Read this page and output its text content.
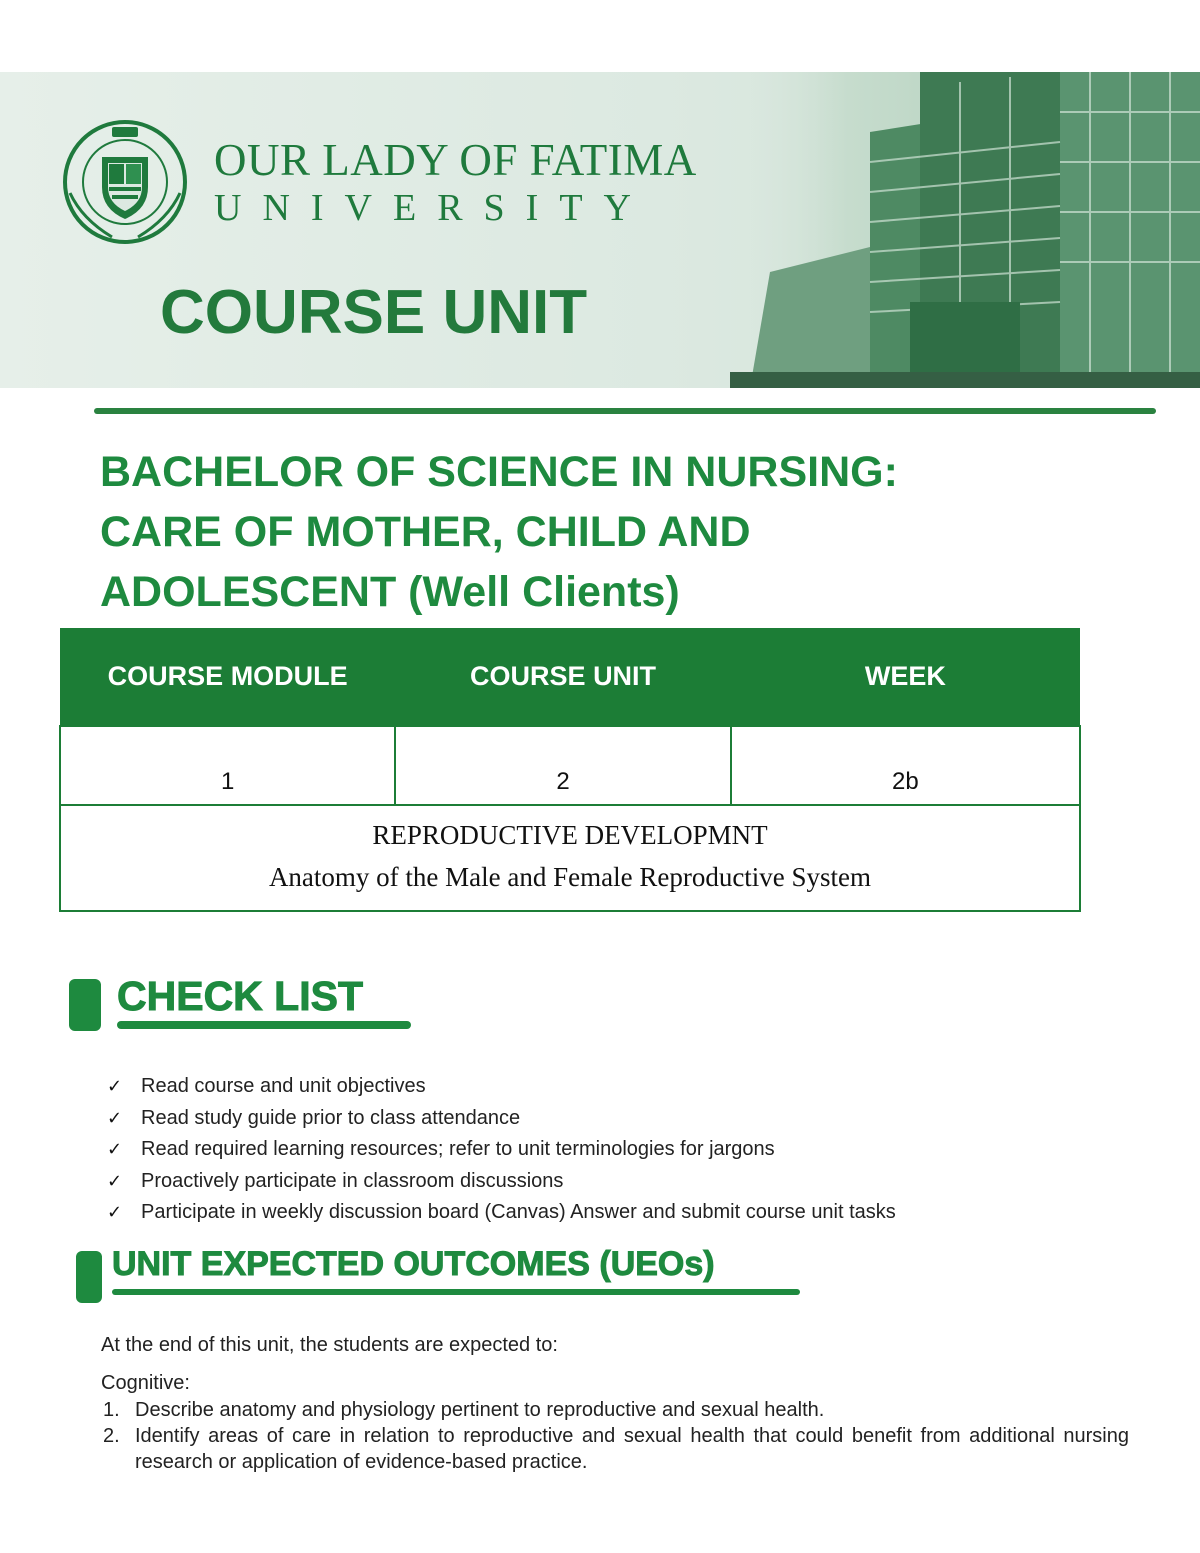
OUR LADY OF FATIMA
UNIVERSITY
COURSE UNIT
BACHELOR OF SCIENCE IN NURSING:
CARE OF MOTHER, CHILD AND
ADOLESCENT (Well Clients)
COURSE MODULE	COURSE UNIT	WEEK
1	2	2b

REPRODUCTIVE DEVELOPMNT
Anatomy of the Male and Female Reproductive System		
CHECK LIST
✓ Read course and unit objectives
✓ Read study guide prior to class attendance
✓ Read required learning resources; refer to unit terminologies for jargons
✓ Proactively participate in classroom discussions
✓ Participate in weekly discussion board (Canvas) Answer and submit course unit tasks
UNIT EXPECTED OUTCOMES (UEOs)
At the end of this unit, the students are expected to:
Cognitive:
1. Describe anatomy and physiology pertinent to reproductive and sexual health.
2. Identify areas of care in relation to reproductive and sexual health that could benefit from additional nursing research or application of evidence-based practice.
